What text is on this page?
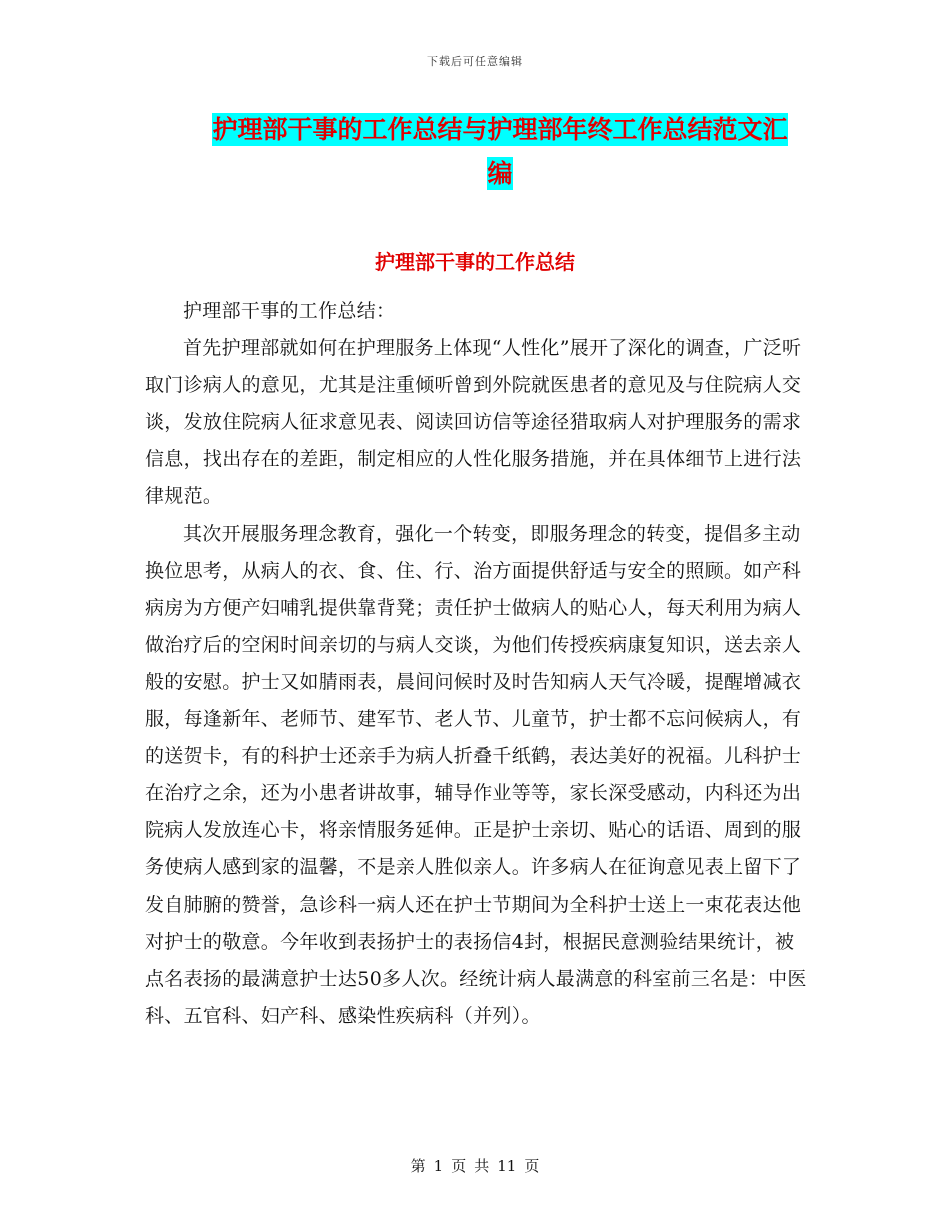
下载后可任意编辑
护理部干事的工作总结与护理部年终工作总结范文汇
编
护理部干事的工作总结

护理部干事的工作总结：

首先护理部就如何在护理服务上体现“人性化”展开了深化的调查，广泛听取门诊病人的意见，尤其是注重倾听曾到外院就医患者的意见及与住院病人交谈，发放住院病人征求意见表、阅读回访信等途径猎取病人对护理服务的需求信息，找出存在的差距，制定相应的人性化服务措施，并在具体细节上进行法律规范。

其次开展服务理念教育，强化一个转变，即服务理念的转变，提倡多主动换位思考，从病人的衣、食、住、行、治方面提供舒适与安全的照顾。如产科病房为方便产妇哺乳提供靠背凳；责任护士做病人的贴心人，每天利用为病人做治疗后的空闲时间亲切的与病人交谈，为他们传授疾病康复知识，送去亲人般的安慰。护士又如腈雨表，晨间问候时及时告知病人天气冷暖，提醒增减衣服，每逢新年、老师节、建军节、老人节、儿童节，护士都不忘问候病人，有的送贺卡，有的科护士还亲手为病人折叠千纸鹤，表达美好的祝福。儿科护士在治疗之余，还为小患者讲故事，辅导作业等等，家长深受感动，内科还为出院病人发放连心卡，将亲情服务延伸。正是护士亲切、贴心的话语、周到的服务使病人感到家的温馨，不是亲人胜似亲人。许多病人在征询意见表上留下了发自肺腑的赞誉，急诊科一病人还在护士节期间为全科护士送上一束花表达他对护士的敬意。今年收到表扬护士的表扬信4封，根据民意测验结果统计，被点名表扬的最满意护士达50多人次。经统计病人最满意的科室前三名是：中医科、五官科、妇产科、感染性疾病科（并列）。

第 1 页 共 11 页
